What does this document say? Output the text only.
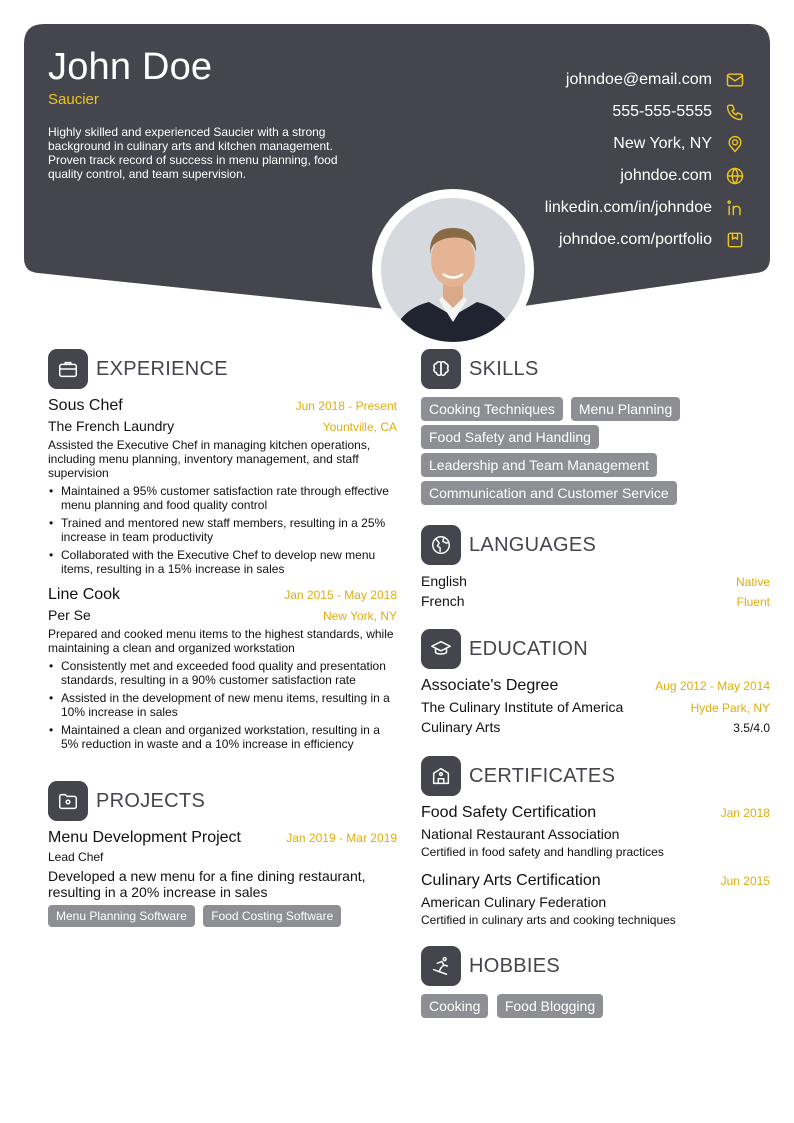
John Doe
Saucier
Highly skilled and experienced Saucier with a strong background in culinary arts and kitchen management. Proven track record of success in menu planning, food quality control, and team supervision.
johndoe@email.com
555-555-5555
New York, NY
johndoe.com
linkedin.com/in/johndoe
johndoe.com/portfolio
EXPERIENCE
Sous Chef	Jun 2018 - Present
The French Laundry	Yountville, CA
Assisted the Executive Chef in managing kitchen operations, including menu planning, inventory management, and staff supervision
• Maintained a 95% customer satisfaction rate through effective menu planning and food quality control
• Trained and mentored new staff members, resulting in a 25% increase in team productivity
• Collaborated with the Executive Chef to develop new menu items, resulting in a 15% increase in sales
Line Cook	Jan 2015 - May 2018
Per Se	New York, NY
Prepared and cooked menu items to the highest standards, while maintaining a clean and organized workstation
• Consistently met and exceeded food quality and presentation standards, resulting in a 90% customer satisfaction rate
• Assisted in the development of new menu items, resulting in a 10% increase in sales
• Maintained a clean and organized workstation, resulting in a 5% reduction in waste and a 10% increase in efficiency
PROJECTS
Menu Development Project	Jan 2019 - Mar 2019
Lead Chef
Developed a new menu for a fine dining restaurant, resulting in a 20% increase in sales
Menu Planning Software Food Costing Software
SKILLS
Cooking Techniques Menu Planning
Food Safety and Handling
Leadership and Team Management
Communication and Customer Service
LANGUAGES
English	Native
French	Fluent
EDUCATION
Associate's Degree	Aug 2012 - May 2014
The Culinary Institute of America	Hyde Park, NY
Culinary Arts	3.5/4.0
CERTIFICATES
Food Safety Certification	Jan 2018
National Restaurant Association
Certified in food safety and handling practices
Culinary Arts Certification	Jun 2015
American Culinary Federation
Certified in culinary arts and cooking techniques
HOBBIES
Cooking Food Blogging
